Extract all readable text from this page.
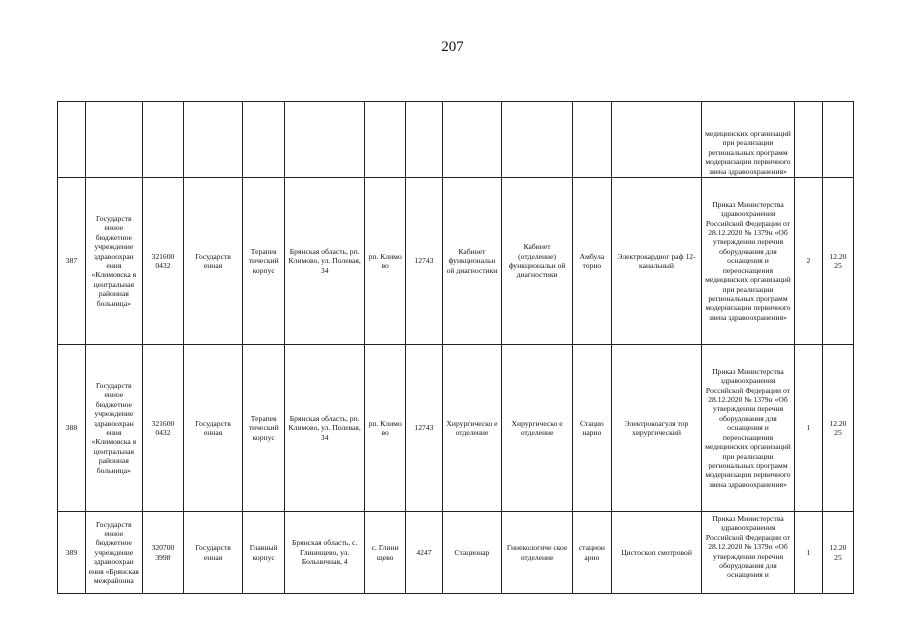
207
												медицинских организаций при реализации региональных программ модернизации первичного звена здравоохранения»		
387	Государств енное бюджетное учреждение здравоохран ения «Климовска я центральная районная больница»	321600 0432	Государств енная	Терапев тический корпус	Брянская область, рп. Климово, ул. Полевая, 34	рп. Климо во	12743	Кабинет функциональн ой диагностики	Кабинет (отделение) функциональн ой диагностики	Амбула торно	Электрокардиог раф 12-канальный	Приказ Министерства здравоохранения Российской Федерации от 28.12.2020 № 1379н «Об утверждении перечня оборудования для оснащения и переоснащения медицинских организаций при реализации региональных программ модернизации первичного звена здравоохранения»	2	12.20 25
388	Государств енное бюджетное учреждение здравоохран ения «Климовска я центральная районная больница»	321600 0432	Государств енная	Терапев тический корпус	Брянская область, рп. Климово, ул. Полевая, 34	рп. Климо во	12743	Хирургическо е отделение	Хирургическо е отделение	Стацио нарно	Электрокоагуля тор хирургический	Приказ Министерства здравоохранения Российской Федерации от 28.12.2020 № 1379н «Об утверждении перечня оборудования для оснащения и переоснащения медицинских организаций при реализации региональных программ модернизации первичного звена здравоохранения»	1	12.20 25
389	Государств енное бюджетное учреждение здравоохран ения «Брянская межрайонна	320700 3998	Государств енная	Главный корпус	Брянская область, с. Глинищево, ул. Больничная, 4	с. Глини щево	4247	Стационар	Гинекологиче ское отделение	стацион арно	Цистоскоп смотровой	Приказ Министерства здравоохранения Российской Федерации от 28.12.2020 № 1379н «Об утверждении перечня оборудования для оснащения и	1	12.20 25
